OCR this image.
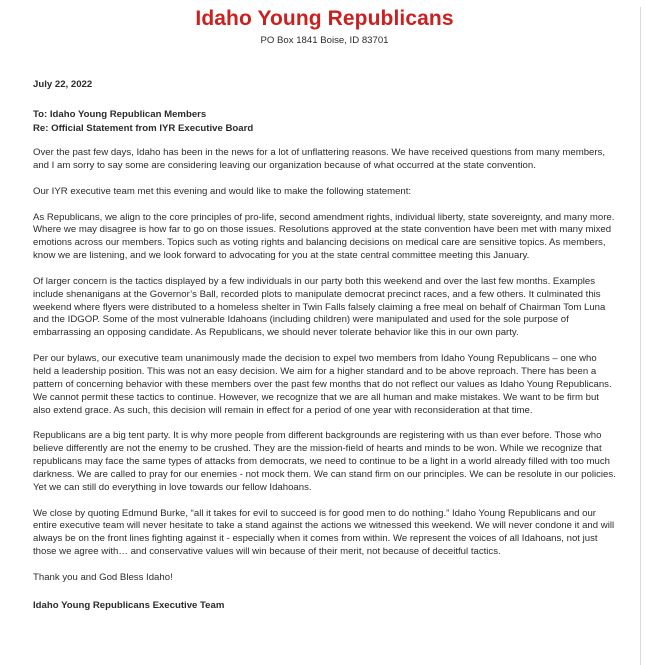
Idaho Young Republicans
PO Box 1841 Boise, ID 83701
July 22, 2022
To: Idaho Young Republican Members
Re: Official Statement from IYR Executive Board

Over the past few days, Idaho has been in the news for a lot of unflattering reasons. We have received questions from many members, and I am sorry to say some are considering leaving our organization because of what occurred at the state convention.

Our IYR executive team met this evening and would like to make the following statement:

As Republicans, we align to the core principles of pro-life, second amendment rights, individual liberty, state sovereignty, and many more. Where we may disagree is how far to go on those issues. Resolutions approved at the state convention have been met with many mixed emotions across our members. Topics such as voting rights and balancing decisions on medical care are sensitive topics. As members, know we are listening, and we look forward to advocating for you at the state central committee meeting this January.

Of larger concern is the tactics displayed by a few individuals in our party both this weekend and over the last few months. Examples include shenanigans at the Governor’s Ball, recorded plots to manipulate democrat precinct races, and a few others. It culminated this weekend where flyers were distributed to a homeless shelter in Twin Falls falsely claiming a free meal on behalf of Chairman Tom Luna and the IDGOP. Some of the most vulnerable Idahoans (including children) were manipulated and used for the sole purpose of embarrassing an opposing candidate. As Republicans, we should never tolerate behavior like this in our own party.

Per our bylaws, our executive team unanimously made the decision to expel two members from Idaho Young Republicans – one who held a leadership position. This was not an easy decision. We aim for a higher standard and to be above reproach. There has been a pattern of concerning behavior with these members over the past few months that do not reflect our values as Idaho Young Republicans. We cannot permit these tactics to continue. However, we recognize that we are all human and make mistakes. We want to be firm but also extend grace. As such, this decision will remain in effect for a period of one year with reconsideration at that time.

Republicans are a big tent party. It is why more people from different backgrounds are registering with us than ever before. Those who believe differently are not the enemy to be crushed. They are the mission-field of hearts and minds to be won. While we recognize that republicans may face the same types of attacks from democrats, we need to continue to be a light in a world already filled with too much darkness. We are called to pray for our enemies - not mock them. We can stand firm on our principles. We can be resolute in our policies. Yet we can still do everything in love towards our fellow Idahoans.

We close by quoting Edmund Burke, “all it takes for evil to succeed is for good men to do nothing.” Idaho Young Republicans and our entire executive team will never hesitate to take a stand against the actions we witnessed this weekend. We will never condone it and will always be on the front lines fighting against it - especially when it comes from within. We represent the voices of all Idahoans, not just those we agree with… and conservative values will win because of their merit, not because of deceitful tactics.

Thank you and God Bless Idaho!

Idaho Young Republicans Executive Team
